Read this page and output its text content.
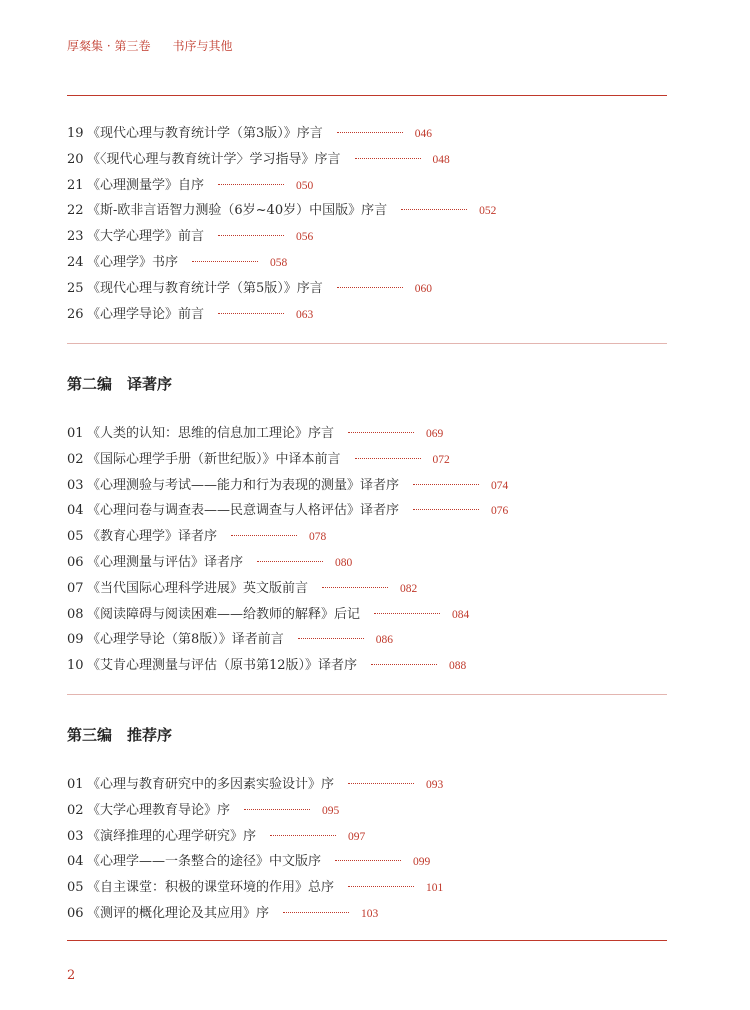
厚粲集 · 第三卷 书序与其他
19 《现代心理与教育统计学（第3版）》序言	046
20 《〈现代心理与教育统计学〉学习指导》序言	048
21 《心理测量学》自序	050
22 《斯-欧非言语智力测验（6岁~40岁）中国版》序言	052
23 《大学心理学》前言	056
24 《心理学》书序	058
25 《现代心理与教育统计学（第5版）》序言	060
26 《心理学导论》前言	063
第二编　译著序
01 《人类的认知：思维的信息加工理论》序言	069
02 《国际心理学手册（新世纪版）》中译本前言	072
03 《心理测验与考试——能力和行为表现的测量》译者序	074
04 《心理问卷与调查表——民意调查与人格评估》译者序	076
05 《教育心理学》译者序	078
06 《心理测量与评估》译者序	080
07 《当代国际心理科学进展》英文版前言	082
08 《阅读障碍与阅读困难——给教师的解释》后记	084
09 《心理学导论（第8版）》译者前言	086
10 《艾肯心理测量与评估（原书第12版）》译者序	088
第三编　推荐序
01 《心理与教育研究中的多因素实验设计》序	093
02 《大学心理教育导论》序	095
03 《演绎推理的心理学研究》序	097
04 《心理学——一条整合的途径》中文版序	099
05 《自主课堂：积极的课堂环境的作用》总序	101
06 《测评的概化理论及其应用》序	103
2
